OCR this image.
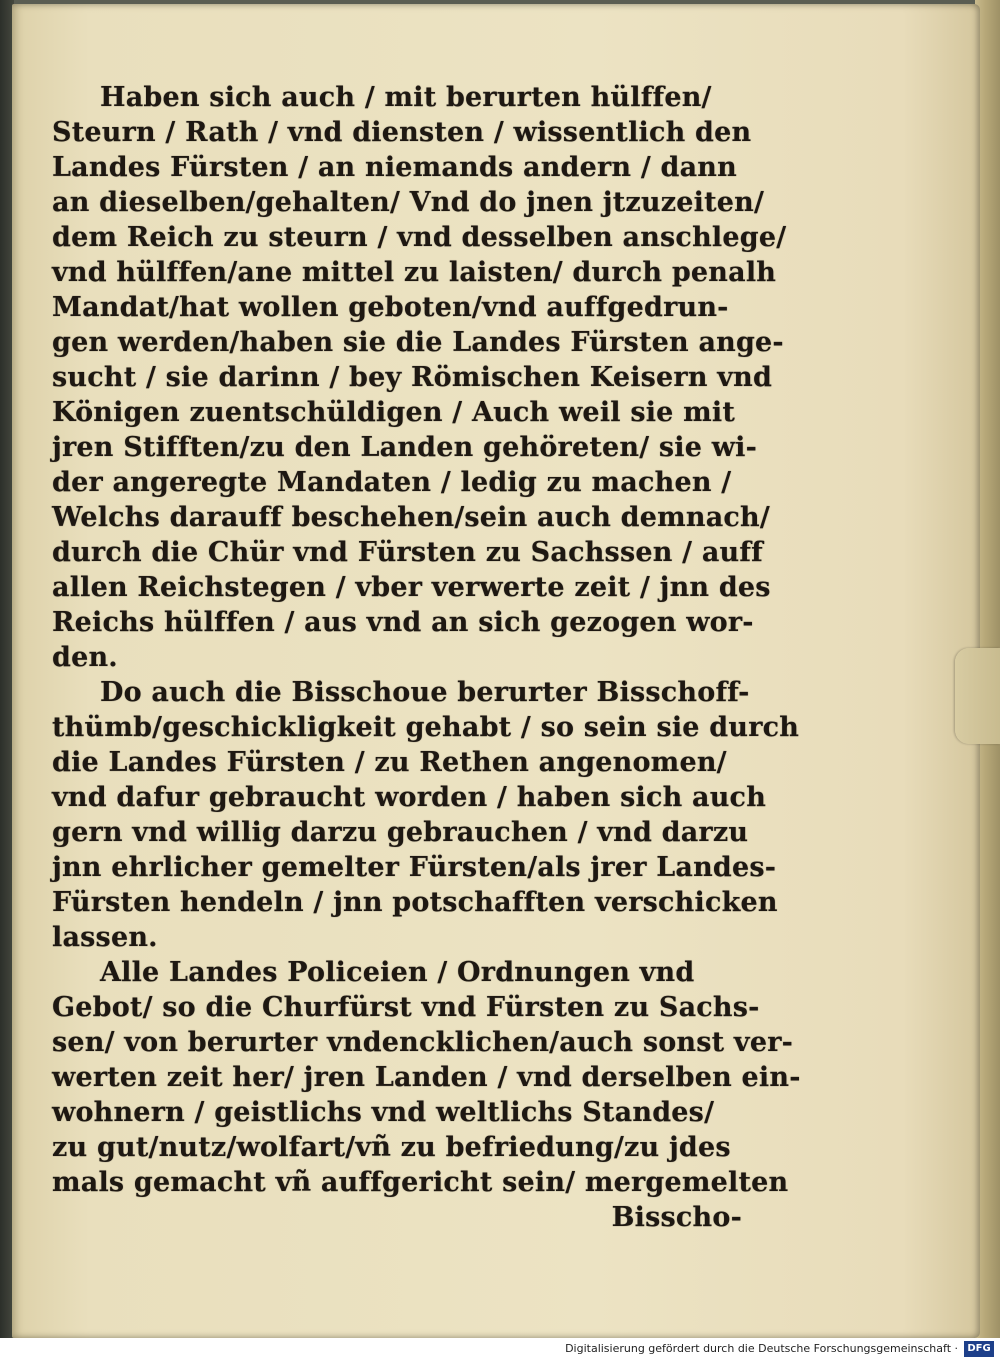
Haben sich auch / mit berurten hülffen/
Steurn / Rath / vnd diensten / wissentlich den
Landes Fürsten / an niemands andern / dann
an dieselben/gehalten/ Vnd do jnen jtzuzeiten/
dem Reich zu steurn / vnd desselben anschlege/
vnd hülffen/ane mittel zu laisten/ durch penalh
Mandat/hat wollen geboten/vnd auffgedrun-
gen werden/haben sie die Landes Fürsten ange-
sucht / sie darinn / bey Römischen Keisern vnd
Königen zuentschüldigen / Auch weil sie mit
jren Stifften/zu den Landen gehöreten/ sie wi-
der angeregte Mandaten / ledig zu machen /
Welchs darauff beschehen/sein auch demnach/
durch die Chür vnd Fürsten zu Sachssen / auff
allen Reichstegen / vber verwerte zeit / jnn des
Reichs hülffen / aus vnd an sich gezogen wor-
den.
Do auch die Bisschoue berurter Bisschoff-
thümb/geschickligkeit gehabt / so sein sie durch
die Landes Fürsten / zu Rethen angenomen/
vnd dafur gebraucht worden / haben sich auch
gern vnd willig darzu gebrauchen / vnd darzu
jnn ehrlicher gemelter Fürsten/als jrer Landes-
Fürsten hendeln / jnn potschafften verschicken
lassen.
Alle Landes Policeien / Ordnungen vnd
Gebot/ so die Churfürst vnd Fürsten zu Sachs-
sen/ von berurter vndencklichen/auch sonst ver-
werten zeit her/ jren Landen / vnd derselben ein-
wohnern / geistlichs vnd weltlichs Standes/
zu gut/nutz/wolfart/vñ zu befriedung/zu jdes
mals gemacht vñ auffgericht sein/ mergemelten
Bisscho-
Digitalisierung gefördert durch die Deutsche Forschungsgemeinschaft · DFG
